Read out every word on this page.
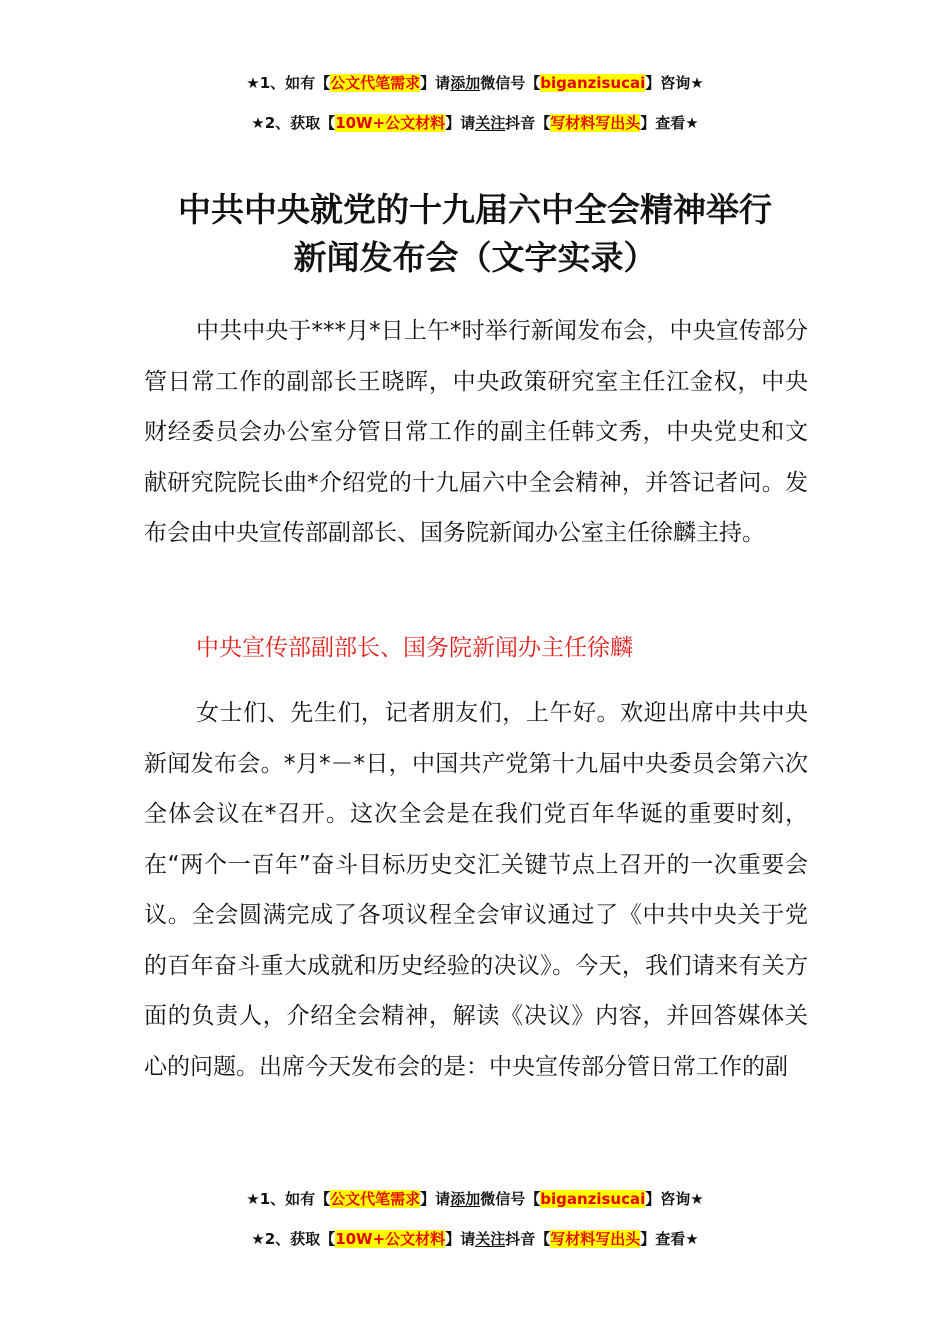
★1、如有【公文代笔需求】请添加微信号【biganzisucai】咨询★
★2、获取【10W+公文材料】请关注抖音【写材料写出头】查看★
中共中央就党的十九届六中全会精神举行
新闻发布会（文字实录）

中共中央于***月*日上午*时举行新闻发布会，中央宣传部分管日常工作的副部长王晓晖，中央政策研究室主任江金权，中央财经委员会办公室分管日常工作的副主任韩文秀，中央党史和文献研究院院长曲*介绍党的十九届六中全会精神，并答记者问。发布会由中央宣传部副部长、国务院新闻办公室主任徐麟主持。

中央宣传部副部长、国务院新闻办主任徐麟

女士们、先生们，记者朋友们，上午好。欢迎出席中共中央新闻发布会。*月*－*日，中国共产党第十九届中央委员会第六次全体会议在*召开。这次全会是在我们党百年华诞的重要时刻，在“两个一百年”奋斗目标历史交汇关键节点上召开的一次重要会议。全会圆满完成了各项议程全会审议通过了《中共中央关于党的百年奋斗重大成就和历史经验的决议》。今天，我们请来有关方面的负责人，介绍全会精神，解读《决议》内容，并回答媒体关心的问题。出席今天发布会的是：中央宣传部分管日常工作的副

★1、如有【公文代笔需求】请添加微信号【biganzisucai】咨询★
★2、获取【10W+公文材料】请关注抖音【写材料写出头】查看★
